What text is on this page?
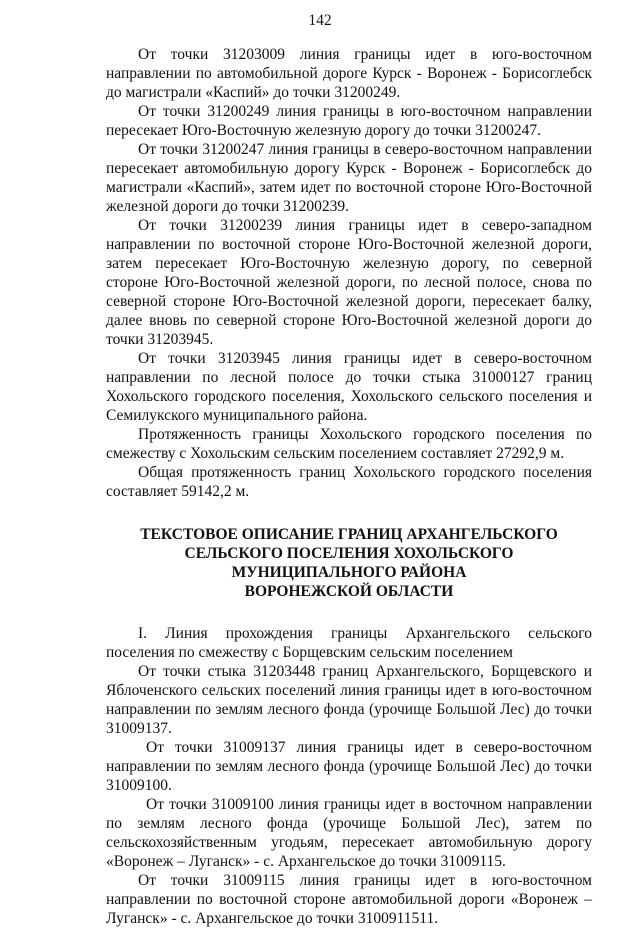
142

От точки 31203009 линия границы идет в юго-восточном направлении по автомобильной дороге Курск - Воронеж - Борисоглебск до магистрали «Каспий» до точки 31200249.

От точки 31200249 линия границы в юго-восточном направлении пересекает Юго-Восточную железную дорогу до точки 31200247.

От точки 31200247 линия границы в северо-восточном направлении пересекает автомобильную дорогу Курск - Воронеж - Борисоглебск до магистрали «Каспий», затем идет по восточной стороне Юго-Восточной железной дороги до точки 31200239.

От точки 31200239 линия границы идет в северо-западном направлении по восточной стороне Юго-Восточной железной дороги, затем пересекает Юго-Восточную железную дорогу, по северной стороне Юго-Восточной железной дороги, по лесной полосе, снова по северной стороне Юго-Восточной железной дороги, пересекает балку, далее вновь по северной стороне Юго-Восточной железной дороги до точки 31203945.

От точки 31203945 линия границы идет в северо-восточном направлении по лесной полосе до точки стыка 31000127 границ Хохольского городского поселения, Хохольского сельского поселения и Семилукского муниципального района.

Протяженность границы Хохольского городского поселения по смежеству с Хохольским сельским поселением составляет 27292,9 м.

Общая протяженность границ Хохольского городского поселения составляет 59142,2 м.

ТЕКСТОВОЕ ОПИСАНИЕ ГРАНИЦ АРХАНГЕЛЬСКОГО
СЕЛЬСКОГО ПОСЕЛЕНИЯ ХОХОЛЬСКОГО
МУНИЦИПАЛЬНОГО РАЙОНА
ВОРОНЕЖСКОЙ ОБЛАСТИ

I. Линия прохождения границы Архангельского сельского поселения по смежеству с Борщевским сельским поселением

От точки стыка 31203448 границ Архангельского, Борщевского и Яблоченского сельских поселений линия границы идет в юго-восточном направлении по землям лесного фонда (урочище Большой Лес) до точки 31009137.

От точки 31009137 линия границы идет в северо-восточном направлении по землям лесного фонда (урочище Большой Лес) до точки 31009100.

От точки 31009100 линия границы идет в восточном направлении по землям лесного фонда (урочище Большой Лес), затем по сельскохозяйственным угодьям, пересекает автомобильную дорогу «Воронеж – Луганск» - с. Архангельское до точки 31009115.

От точки 31009115 линия границы идет в юго-восточном направлении по восточной стороне автомобильной дороги «Воронеж – Луганск» - с. Архангельское до точки 3100911511.
